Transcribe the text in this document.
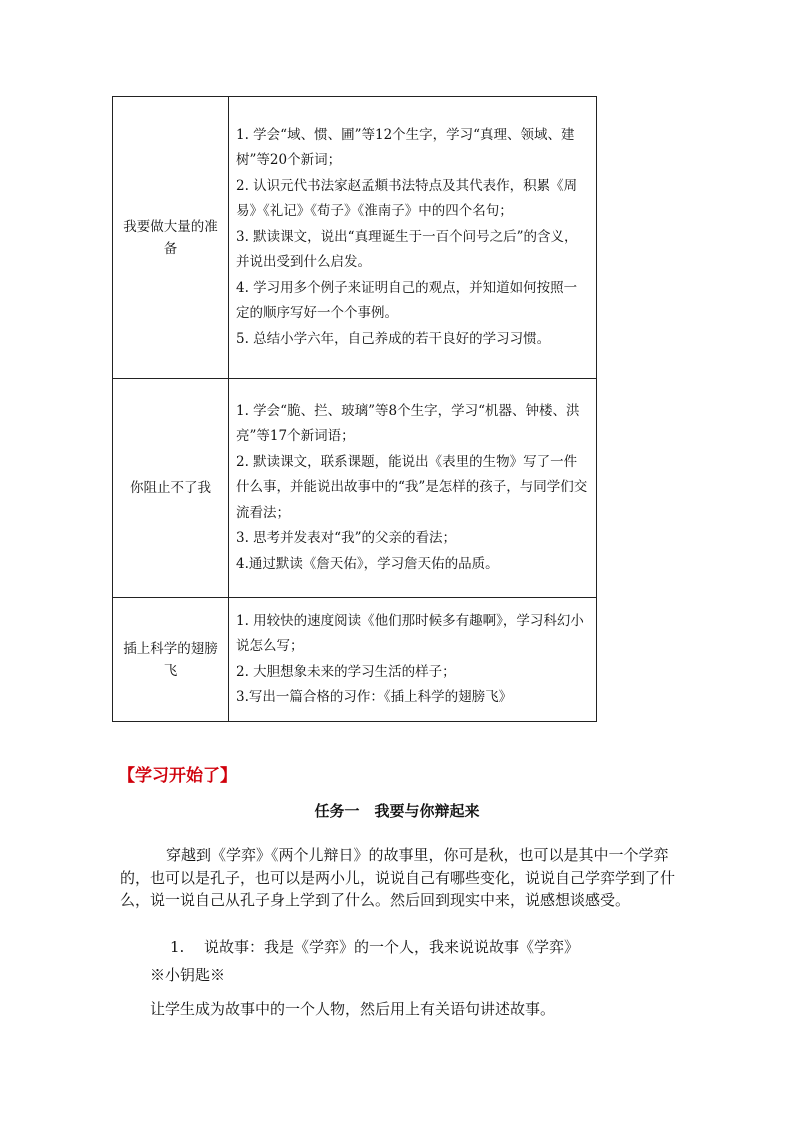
我要做大量的准备	1. 学会“域、惯、圃”等12个生字，学习“真理、领域、建树”等20个新词；

2. 认识元代书法家赵孟頫书法特点及其代表作，积累《周易》《礼记》《荀子》《淮南子》中的四个名句；

3. 默读课文，说出“真理诞生于一百个问号之后”的含义，并说出受到什么启发。

4. 学习用多个例子来证明自己的观点，并知道如何按照一定的顺序写好一个个事例。

5. 总结小学六年，自己养成的若干良好的学习习惯。

你阻止不了我	1. 学会“脆、拦、玻璃”等8个生字，学习“机器、钟楼、洪亮”等17个新词语；

2. 默读课文，联系课题，能说出《表里的生物》写了一件什么事，并能说出故事中的“我”是怎样的孩子，与同学们交流看法；

3. 思考并发表对“我”的父亲的看法；

4.通过默读《詹天佑》，学习詹天佑的品质。

插上科学的翅膀飞	1. 用较快的速度阅读《他们那时候多有趣啊》，学习科幻小说怎么写；

2. 大胆想象未来的学习生活的样子；

3.写出一篇合格的习作：《插上科学的翅膀飞》

【学习开始了】
任务一　我要与你辩起来

穿越到《学弈》《两个儿辩日》的故事里，你可是秋，也可以是其中一个学弈的，也可以是孔子，也可以是两小儿，说说自己有哪些变化，说说自己学弈学到了什么，说一说自己从孔子身上学到了什么。然后回到现实中来，说感想谈感受。

1. 说故事：我是《学弈》的一个人，我来说说故事《学弈》

※小钥匙※

让学生成为故事中的一个人物，然后用上有关语句讲述故事。
